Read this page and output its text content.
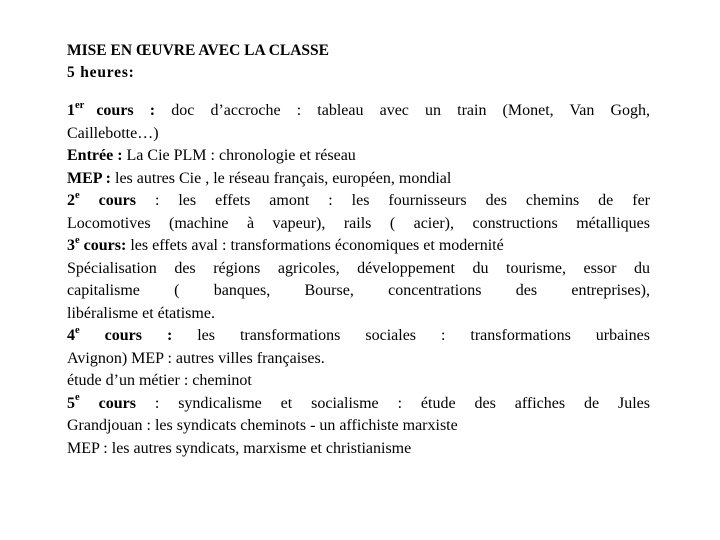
MISE EN ŒUVRE AVEC LA CLASSE

5 heures:

1er cours : doc d’accroche : tableau avec un train (Monet, Van Gogh,

Caillebotte…)

Entrée : La Cie PLM : chronologie et réseau

MEP : les autres Cie , le réseau français, européen, mondial

2e cours : les effets amont : les fournisseurs des chemins de fer

Locomotives (machine à vapeur), rails ( acier), constructions métalliques

3e cours: les effets aval : transformations économiques et modernité

Spécialisation des régions agricoles, développement du tourisme, essor du

capitalisme ( banques, Bourse, concentrations des entreprises),

libéralisme et étatisme.

4e cours : les transformations sociales : transformations urbaines

Avignon) MEP : autres villes françaises.

étude d’un métier : cheminot

5e cours : syndicalisme et socialisme : étude des affiches de Jules

Grandjouan : les syndicats cheminots - un affichiste marxiste

MEP : les autres syndicats, marxisme et christianisme
